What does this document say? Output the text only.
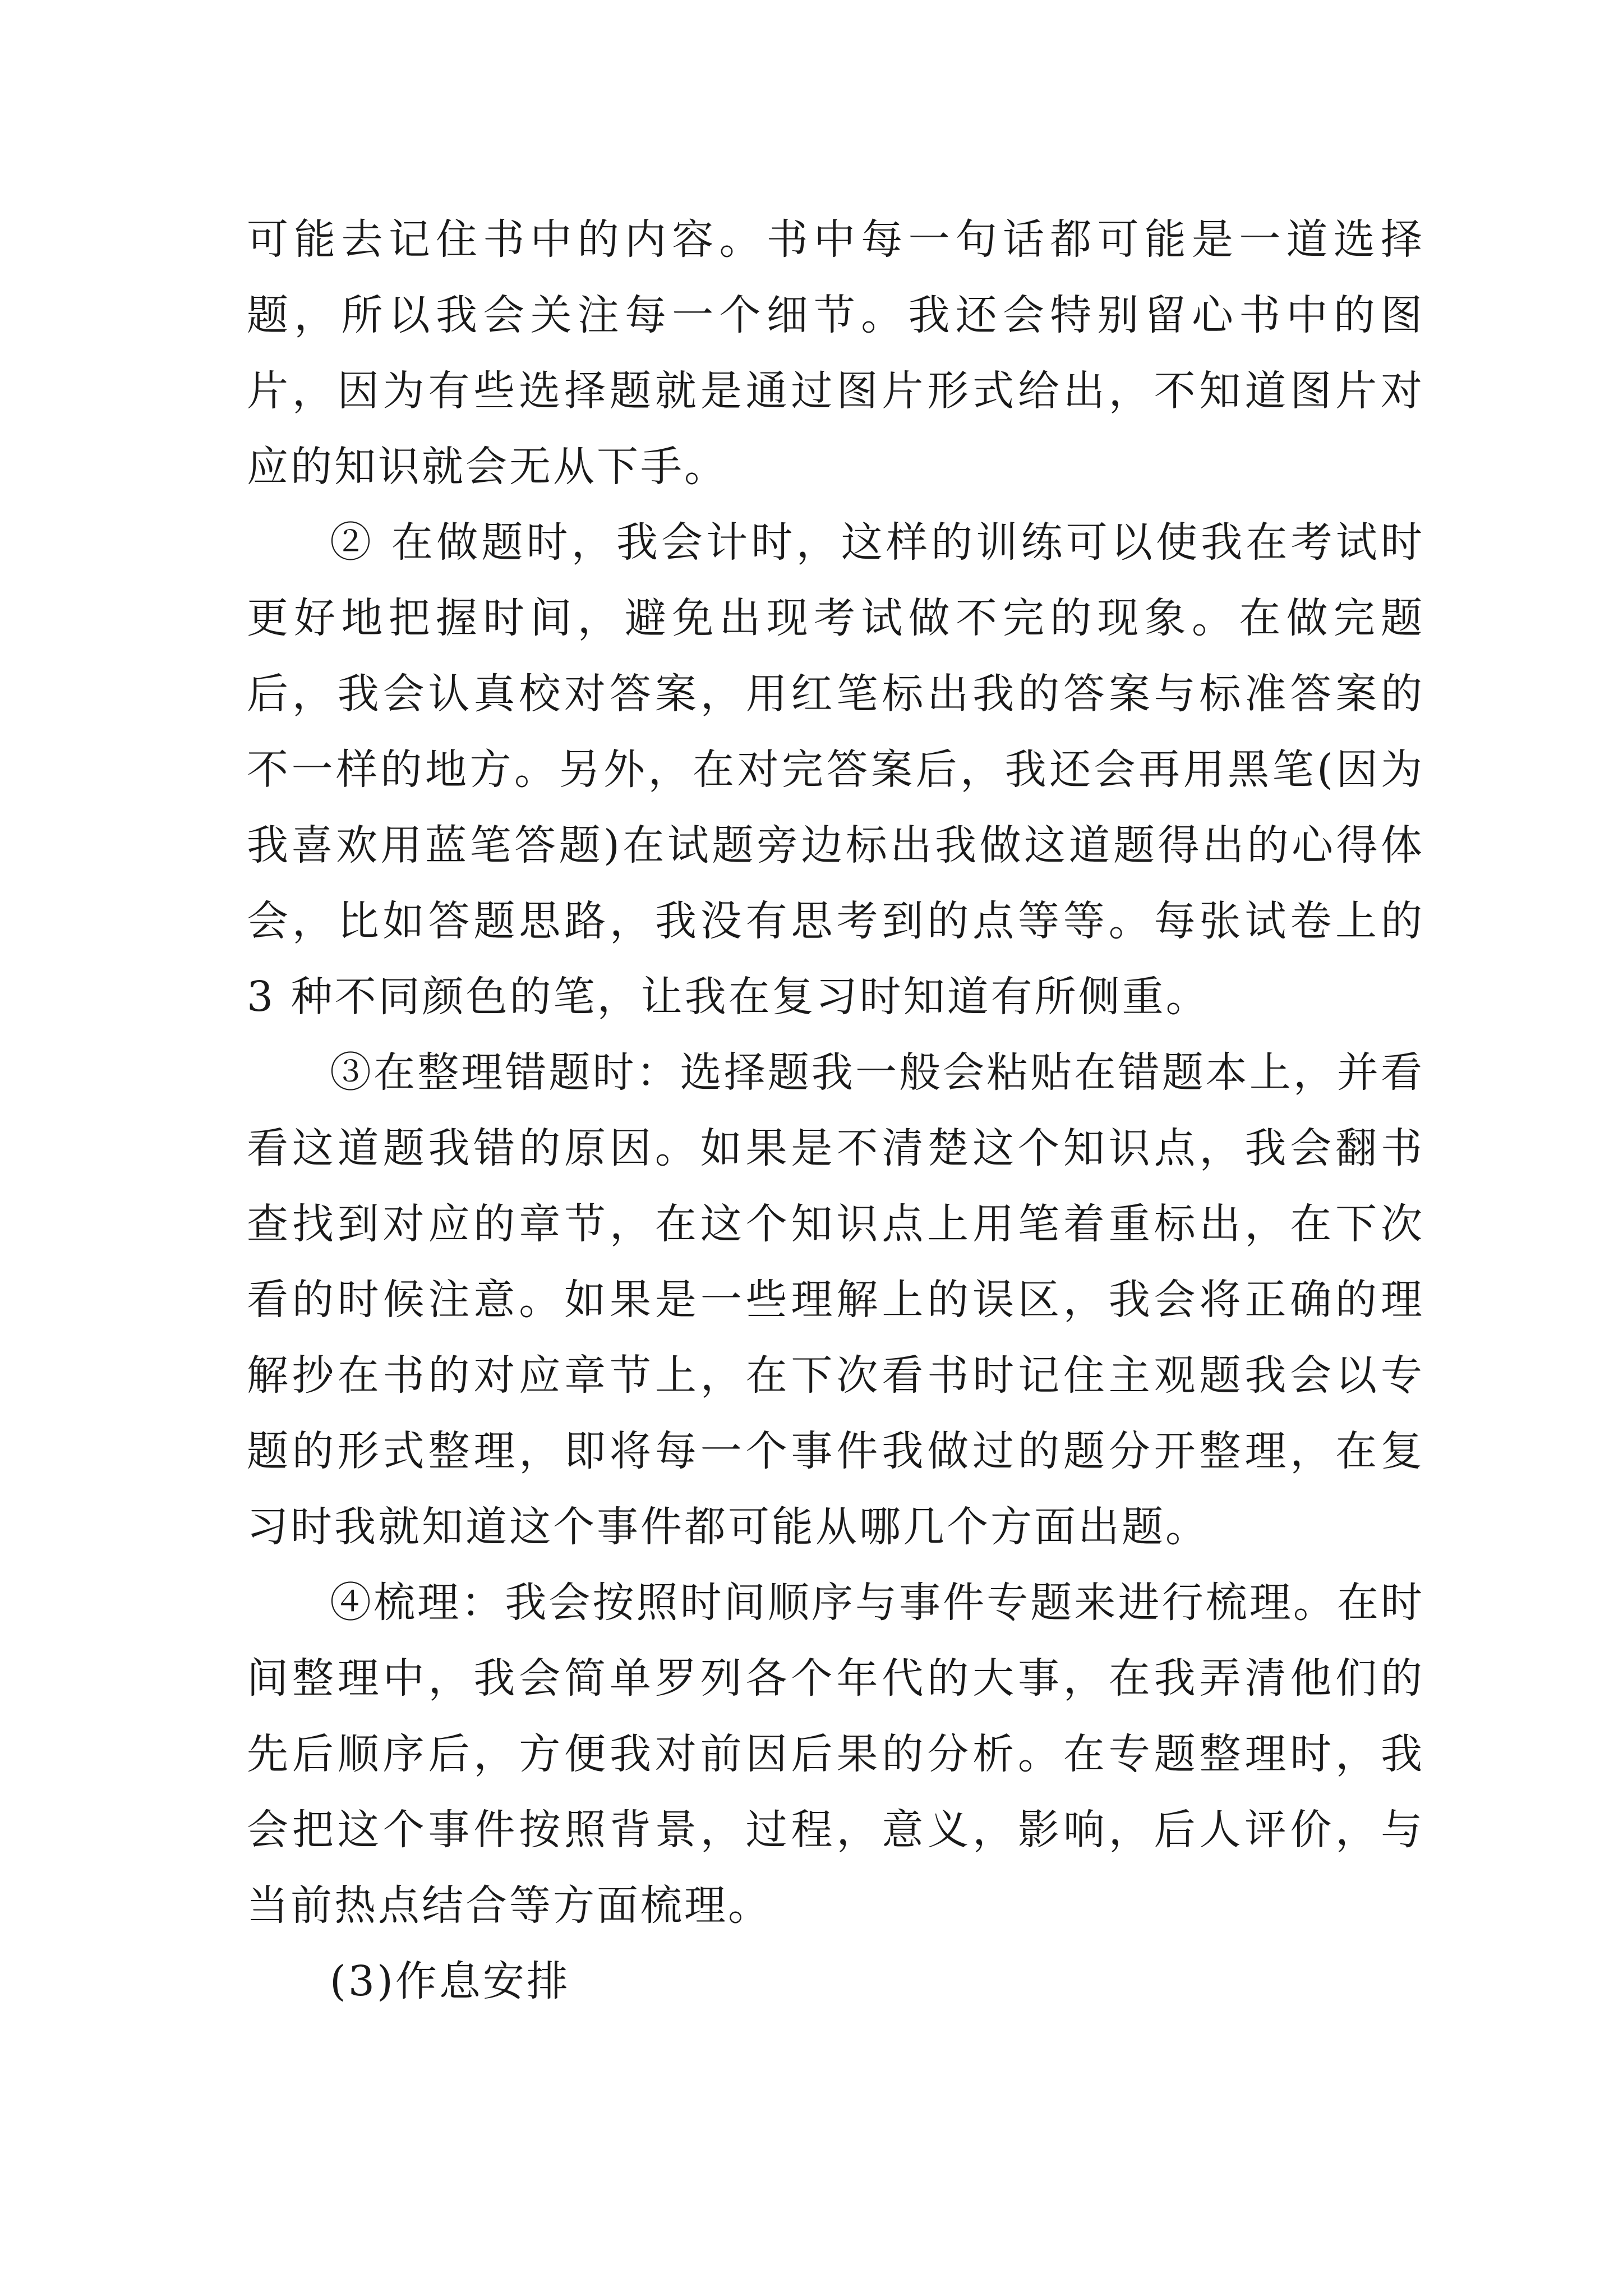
可能去记住书中的内容。书中每一句话都可能是一道选择题，所以我会关注每一个细节。我还会特别留心书中的图片，因为有些选择题就是通过图片形式给出，不知道图片对应的知识就会无从下手。

② 在做题时，我会计时，这样的训练可以使我在考试时更好地把握时间，避免出现考试做不完的现象。在做完题后，我会认真校对答案，用红笔标出我的答案与标准答案的不一样的地方。另外，在对完答案后，我还会再用黑笔(因为我喜欢用蓝笔答题)在试题旁边标出我做这道题得出的心得体会，比如答题思路，我没有思考到的点等等。每张试卷上的 3 种不同颜色的笔，让我在复习时知道有所侧重。

③在整理错题时：选择题我一般会粘贴在错题本上，并看看这道题我错的原因。如果是不清楚这个知识点，我会翻书查找到对应的章节，在这个知识点上用笔着重标出，在下次看的时候注意。如果是一些理解上的误区，我会将正确的理解抄在书的对应章节上，在下次看书时记住主观题我会以专题的形式整理，即将每一个事件我做过的题分开整理，在复习时我就知道这个事件都可能从哪几个方面出题。

④梳理：我会按照时间顺序与事件专题来进行梳理。在时间整理中，我会简单罗列各个年代的大事，在我弄清他们的先后顺序后，方便我对前因后果的分析。在专题整理时，我会把这个事件按照背景，过程，意义，影响，后人评价，与当前热点结合等方面梳理。

(3)作息安排
